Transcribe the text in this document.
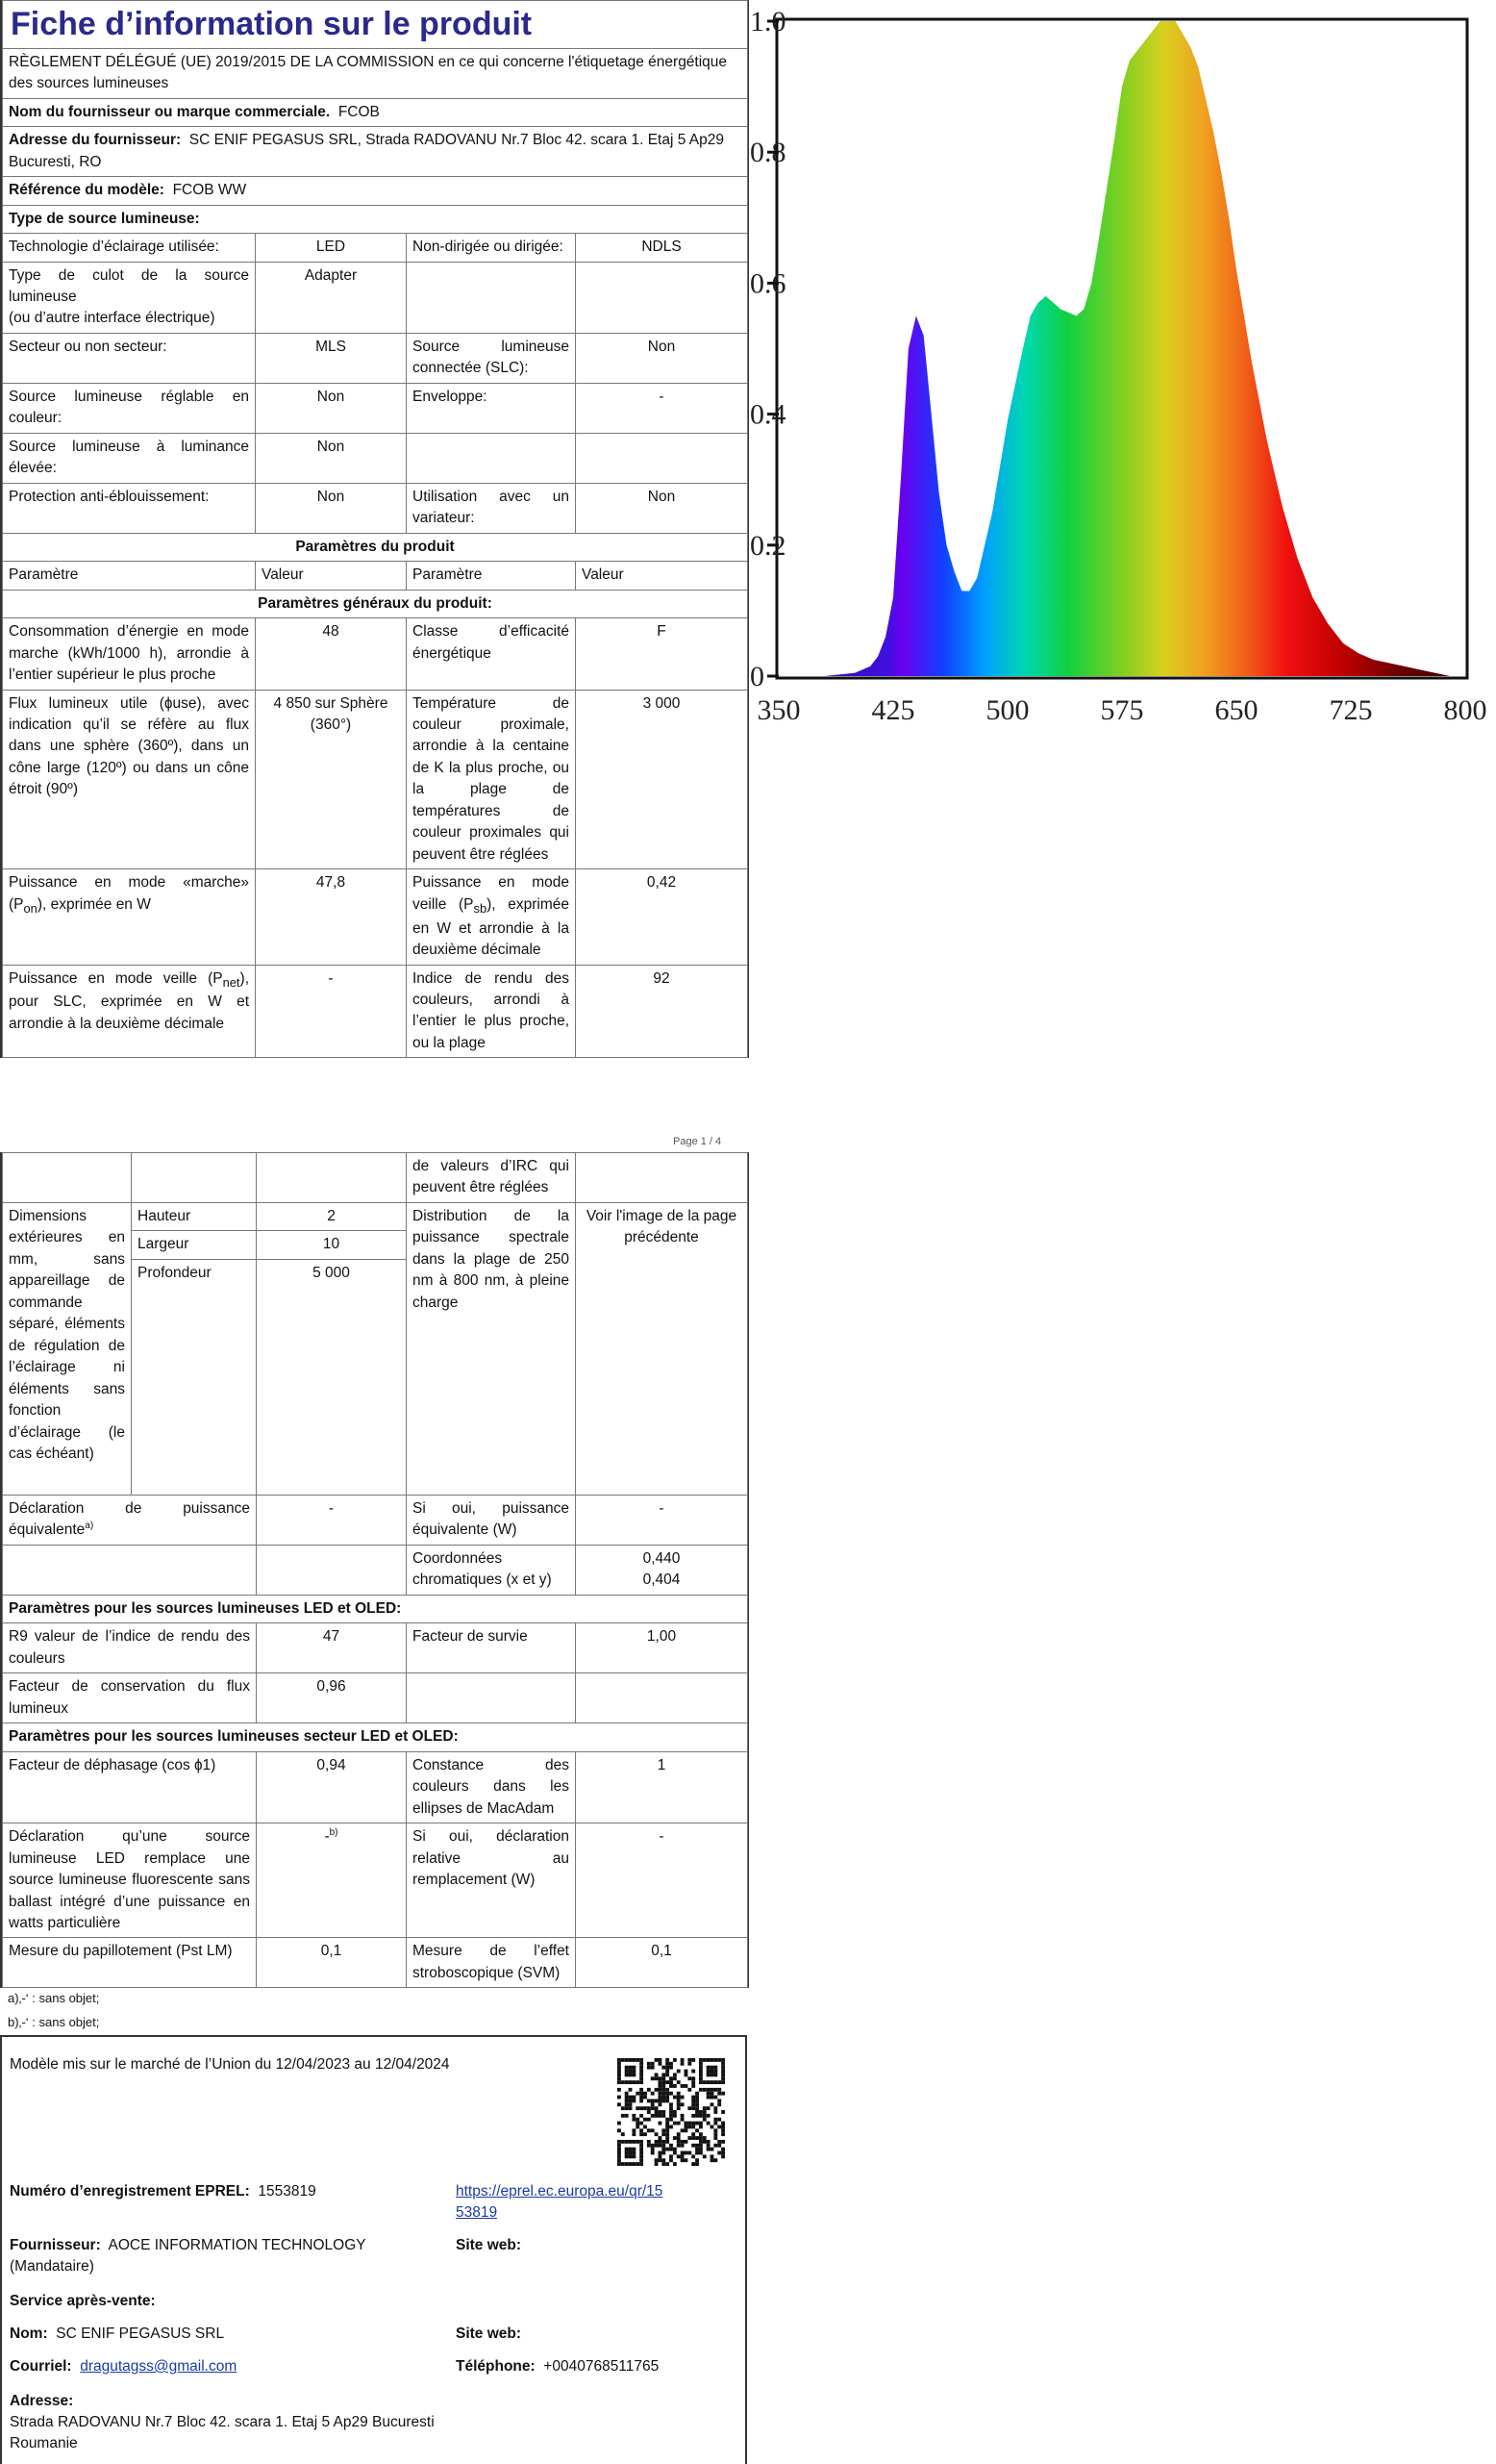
Fiche d’information sur le produit			
RÈGLEMENT DÉLÉGUÉ (UE) 2019/2015 DE LA COMMISSION en ce qui concerne l'étiquetage énergétique des sources lumineuses			
Nom du fournisseur ou marque commerciale. FCOB			
Adresse du fournisseur: SC ENIF PEGASUS SRL, Strada RADOVANU Nr.7 Bloc 42. scara 1. Etaj 5 Ap29 Bucuresti, RO			
Référence du modèle: FCOB WW			
Type de source lumineuse:			
Technologie d’éclairage utilisée:	LED	Non-dirigée ou dirigée:	NDLS
Type de culot de la source lumineuse
(ou d’autre interface électrique)	Adapter		
Secteur ou non secteur:	MLS	Source lumineuse connectée (SLC):	Non
Source lumineuse réglable en couleur:	Non	Enveloppe:	-
Source lumineuse à luminance élevée:	Non		
Protection anti-éblouissement:	Non	Utilisation avec un variateur:	Non
Paramètres du produit			
Paramètre	Valeur	Paramètre	Valeur
Paramètres généraux du produit:			
Consommation d’énergie en mode marche (kWh/1000 h), arrondie à l’entier supérieur le plus proche	48	Classe d’efficacité énergétique	F
Flux lumineux utile (ɸuse), avec indication qu’il se réfère au flux dans une sphère (360º), dans un cône large (120º) ou dans un cône étroit (90º)	4 850 sur Sphère (360°)	Température de couleur proximale, arrondie à la centaine de K la plus proche, ou la plage de températures de couleur proximales qui peuvent être réglées	3 000
Puissance en mode «marche» $(P_{on})$, exprimée en W	47,8	Puissance en mode veille $(P_{sb})$, exprimée en W et arrondie à la deuxième décimale	0,42
Puissance en mode veille $(P_{net})$, pour SLC, exprimée en W et arrondie à la deuxième décimale	-	Indice de rendu des couleurs, arrondi à l’entier le plus proche, ou la plage	92
Page 1 / 4
			de valeurs d’IRC qui peuvent être réglées	
Dimensions extérieures en mm, sans appareillage de commande séparé, éléments de régulation de l’éclairage ni éléments sans fonction d’éclairage (le cas échéant)	Hauteur	2	Distribution de la puissance spectrale dans la plage de 250 nm à 800 nm, à pleine charge	Voir l'image de la page précédente
	Largeur	10		
	Profondeur	5 000		
Déclaration de puissance équivalente$^{a)}$		-	Si oui, puissance équivalente (W)	-
			Coordonnées chromatiques (x et y)	0,440
0,404
Paramètres pour les sources lumineuses LED et OLED:				
R9 valeur de l’indice de rendu des couleurs		47	Facteur de survie	1,00
Facteur de conservation du flux lumineux		0,96		
Paramètres pour les sources lumineuses secteur LED et OLED:				
Facteur de déphasage (cos ɸ1)		0,94	Constance des couleurs dans les ellipses de MacAdam	1
Déclaration qu’une source lumineuse LED remplace une source lumineuse fluorescente sans ballast intégré d’une puissance en watts particulière		-$^{b)}$	Si oui, déclaration relative au remplacement (W)	-
Mesure du papillotement (Pst LM)		0,1	Mesure de l’effet stroboscopique (SVM)	0,1
a)‚-‘ : sans objet;
b)‚-‘ : sans objet;
Modèle mis sur le marché de l’Union du 12/04/2023 au 12/04/2024
Numéro d’enregistrement EPREL: 1553819	https://eprel.ec.europa.eu/qr/15
53819
Fournisseur: AOCE INFORMATION TECHNOLOGY (Mandataire)
Site web:
Service après-vente:
Nom: SC ENIF PEGASUS SRL	Site web:
Courriel: dragutagss@gmail.com	Téléphone: +0040768511765
Adresse:
Strada RADOVANU Nr.7 Bloc 42. scara 1. Etaj 5 Ap29 Bucuresti
Roumanie
350 425 500 575 650 725 800
0
0.2
0.4
0.6
0.8
1.0
